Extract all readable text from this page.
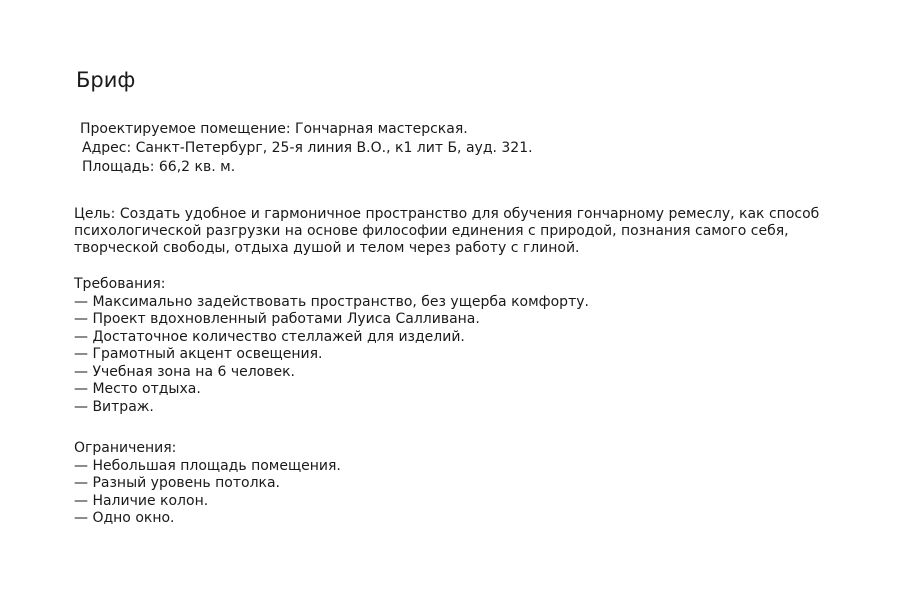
Бриф
Проектируемое помещение: Гончарная мастерская.
Адрес: Санкт-Петербург, 25-я линия В.О., к1 лит Б, ауд. 321.
Площадь: 66,2 кв. м.

Цель: Создать удобное и гармоничное пространство для обучения гончарному ремеслу, как способ психологической разгрузки на основе философии единения с природой, познания самого себя, творческой свободы, отдыха душой и телом через работу с глиной.

Требования:
— Максимально задействовать пространство, без ущерба комфорту.
— Проект вдохновленный работами Луиса Салливана.
— Достаточное количество стеллажей для изделий.
— Грамотный акцент освещения.
— Учебная зона на 6 человек.
— Место отдыха.
— Витраж.
Ограничения:
— Небольшая площадь помещения.
— Разный уровень потолка.
— Наличие колон.
— Одно окно.
